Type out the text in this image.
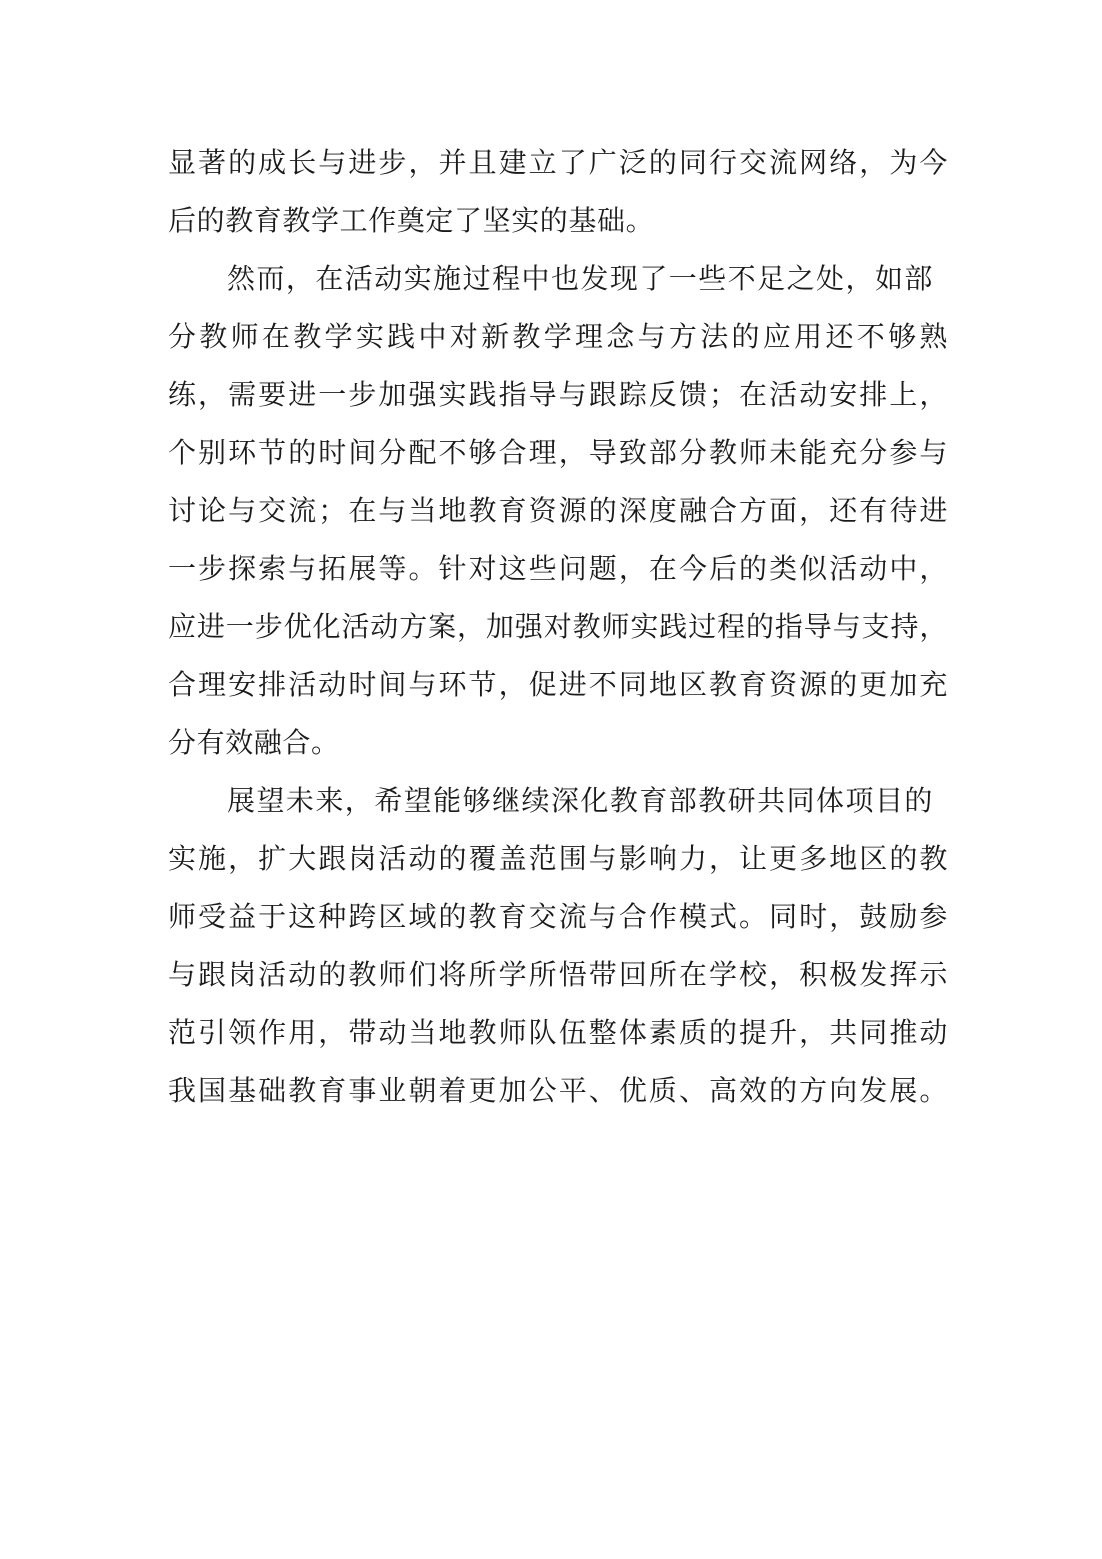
显著的成长与进步，并且建立了广泛的同行交流网络，为今
后的教育教学工作奠定了坚实的基础。
然而，在活动实施过程中也发现了一些不足之处，如部
分教师在教学实践中对新教学理念与方法的应用还不够熟
练，需要进一步加强实践指导与跟踪反馈；在活动安排上，
个别环节的时间分配不够合理，导致部分教师未能充分参与
讨论与交流；在与当地教育资源的深度融合方面，还有待进
一步探索与拓展等。针对这些问题，在今后的类似活动中，
应进一步优化活动方案，加强对教师实践过程的指导与支持，
合理安排活动时间与环节，促进不同地区教育资源的更加充
分有效融合。
展望未来，希望能够继续深化教育部教研共同体项目的
实施，扩大跟岗活动的覆盖范围与影响力，让更多地区的教
师受益于这种跨区域的教育交流与合作模式。同时，鼓励参
与跟岗活动的教师们将所学所悟带回所在学校，积极发挥示
范引领作用，带动当地教师队伍整体素质的提升，共同推动
我国基础教育事业朝着更加公平、优质、高效的方向发展。
